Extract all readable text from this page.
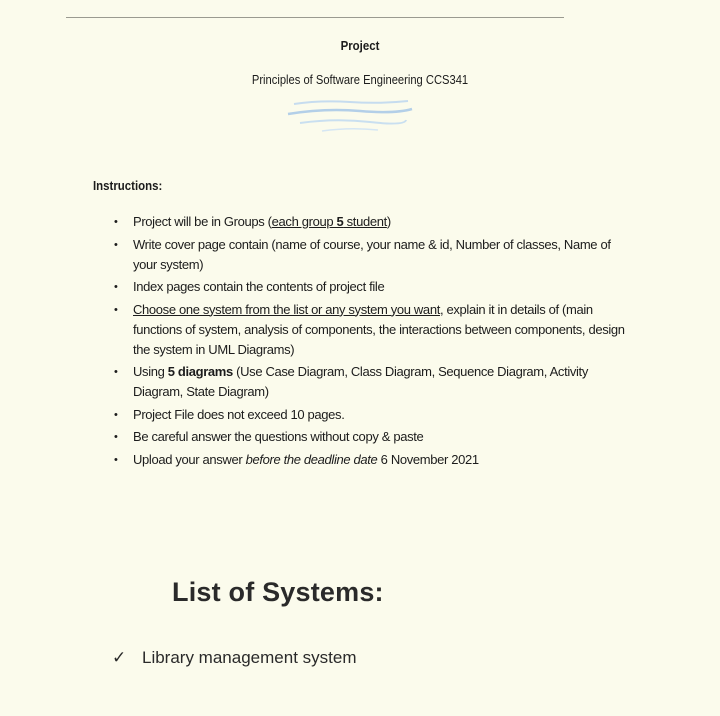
Project
Principles of Software Engineering CCS341
Instructions:
• Project will be in Groups (each group 5 student)
• Write cover page contain (name of course, your name & id, Number of classes, Name of your system)
• Index pages contain the contents of project file
• Choose one system from the list or any system you want, explain it in details of (main functions of system, analysis of components, the interactions between components, design the system in UML Diagrams)
• Using 5 diagrams (Use Case Diagram, Class Diagram, Sequence Diagram, Activity Diagram, State Diagram)
• Project File does not exceed 10 pages.
• Be careful answer the questions without copy & paste
• Upload your answer before the deadline date 6 November 2021
List of Systems:
✓ Library management system
